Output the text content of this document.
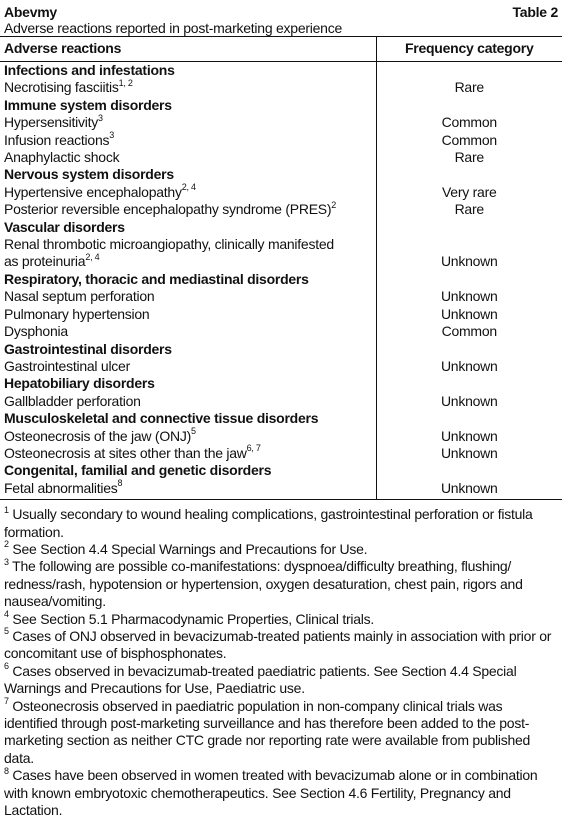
Abevmy	Table 2
Adverse reactions reported in post-marketing experience
Adverse reactions	Frequency category
Infections and infestations	
Necrotising fasciitis$^{1, 2}$	Rare
Immune system disorders	
Hypersensitivity$^3$	Common
Infusion reactions$^3$	Common
Anaphylactic shock	Rare
Nervous system disorders	
Hypertensive encephalopathy$^{2, 4}$	Very rare
Posterior reversible encephalopathy syndrome (PRES)$^2$	Rare
Vascular disorders	
Renal thrombotic microangiopathy, clinically manifested
as proteinuria$^{2, 4}$	Unknown
Respiratory, thoracic and mediastinal disorders	
Nasal septum perforation	Unknown
Pulmonary hypertension	Unknown
Dysphonia	Common
Gastrointestinal disorders	
Gastrointestinal ulcer	Unknown
Hepatobiliary disorders	
Gallbladder perforation	Unknown
Musculoskeletal and connective tissue disorders	
Osteonecrosis of the jaw (ONJ)$^5$	Unknown
Osteonecrosis at sites other than the jaw$^{6, 7}$	Unknown
Congenital, familial and genetic disorders	
Fetal abnormalities$^8$	Unknown
$^1$ Usually secondary to wound healing complications, gastrointestinal perforation or fistula formation.
$^2$ See Section 4.4 Special Warnings and Precautions for Use.
$^3$ The following are possible co-manifestations: dyspnoea/difficulty breathing, flushing/ redness/rash, hypotension or hypertension, oxygen desaturation, chest pain, rigors and nausea/vomiting.
$^4$ See Section 5.1 Pharmacodynamic Properties, Clinical trials.
$^5$ Cases of ONJ observed in bevacizumab-treated patients mainly in association with prior or concomitant use of bisphosphonates.
$^6$ Cases observed in bevacizumab-treated paediatric patients. See Section 4.4 Special Warnings and Precautions for Use, Paediatric use.
$^7$ Osteonecrosis observed in paediatric population in non-company clinical trials was identified through post-marketing surveillance and has therefore been added to the post-marketing section as neither CTC grade nor reporting rate were available from published data.
$^8$ Cases have been observed in women treated with bevacizumab alone or in combination with known embryotoxic chemotherapeutics. See Section 4.6 Fertility, Pregnancy and Lactation.
